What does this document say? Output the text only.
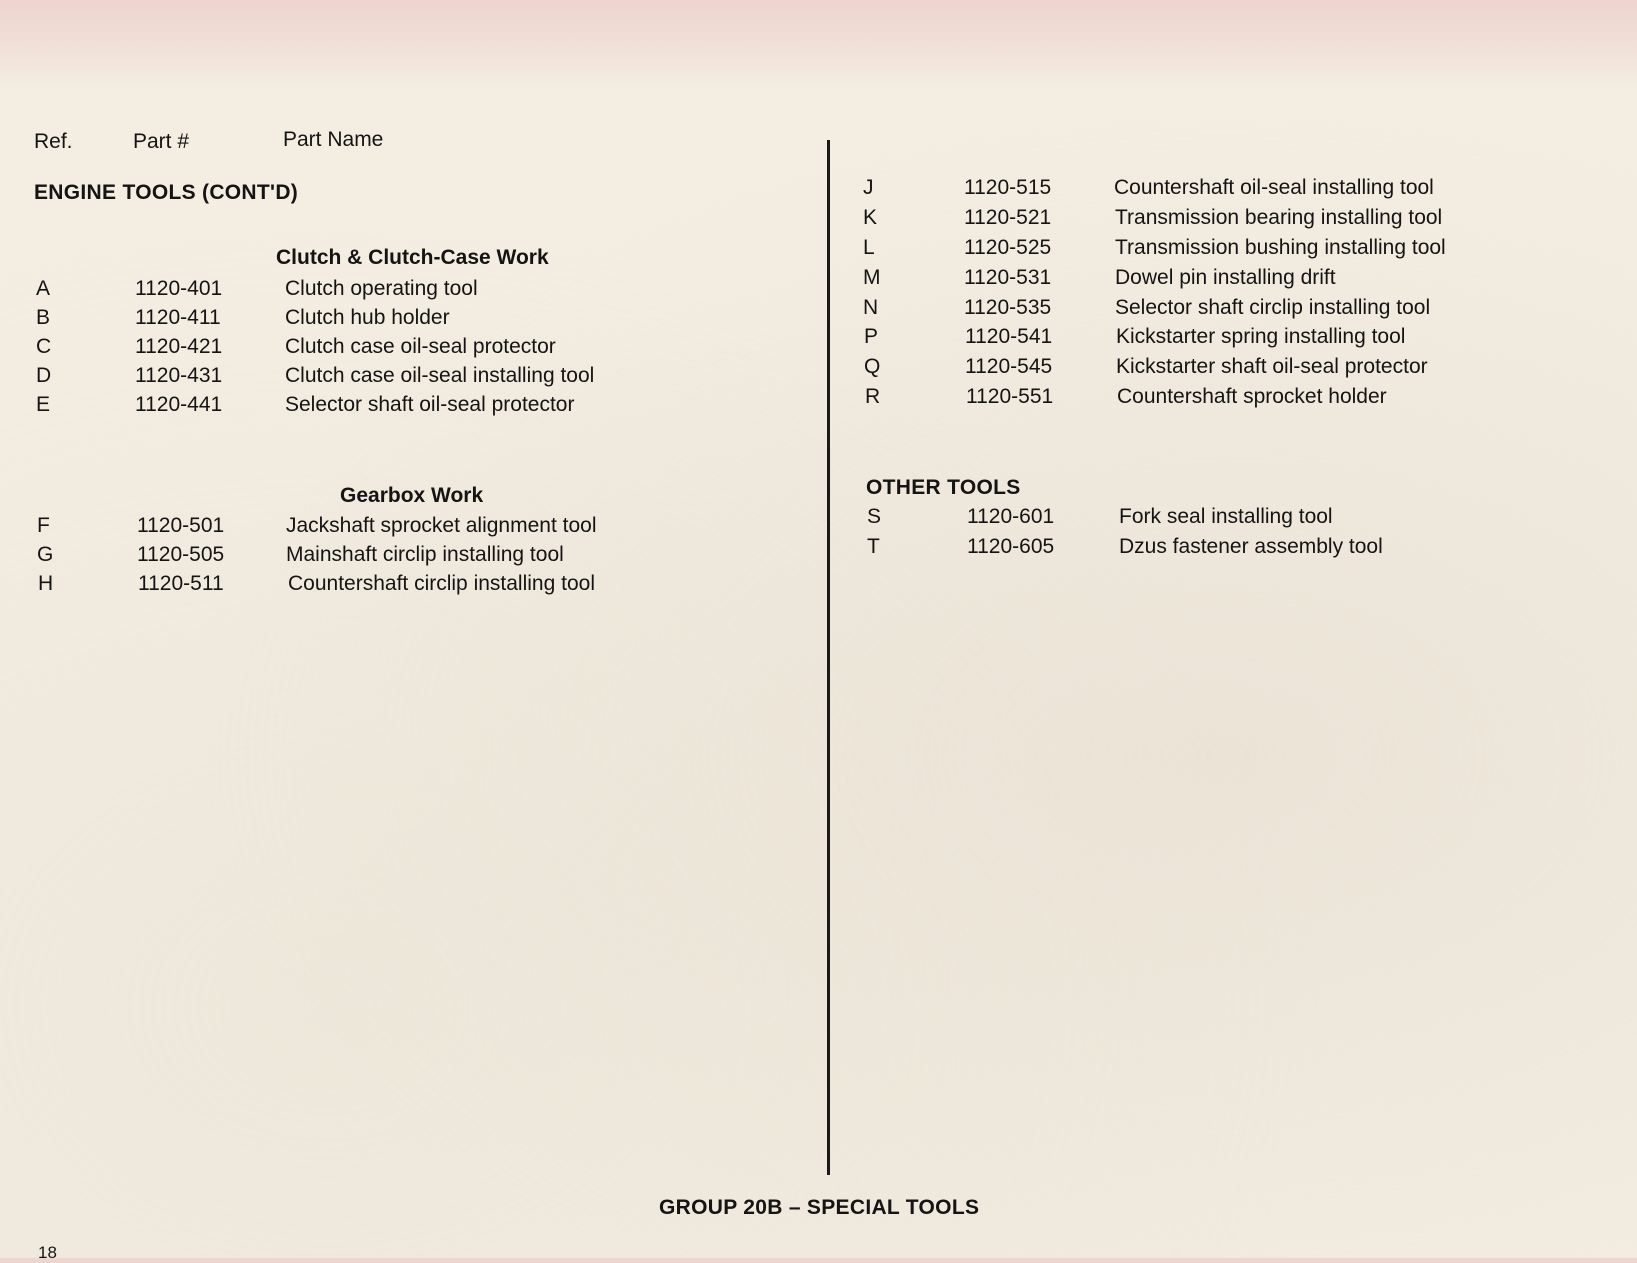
Ref.	Part #	Part Name
ENGINE TOOLS (CONT'D)
Clutch & Clutch-Case Work
A	1120-401	Clutch operating tool
B	1120-411	Clutch hub holder
C	1120-421	Clutch case oil-seal protector
D	1120-431	Clutch case oil-seal installing tool
E	1120-441	Selector shaft oil-seal protector
Gearbox Work
F	1120-501	Jackshaft sprocket alignment tool
G	1120-505	Mainshaft circlip installing tool
H	1120-511	Countershaft circlip installing tool
J	1120-515	Countershaft oil-seal installing tool
K	1120-521	Transmission bearing installing tool
L	1120-525	Transmission bushing installing tool
M	1120-531	Dowel pin installing drift
N	1120-535	Selector shaft circlip installing tool
P	1120-541	Kickstarter spring installing tool
Q	1120-545	Kickstarter shaft oil-seal protector
R	1120-551	Countershaft sprocket holder
OTHER TOOLS
S	1120-601	Fork seal installing tool
T	1120-605	Dzus fastener assembly tool
GROUP 20B – SPECIAL TOOLS
18
